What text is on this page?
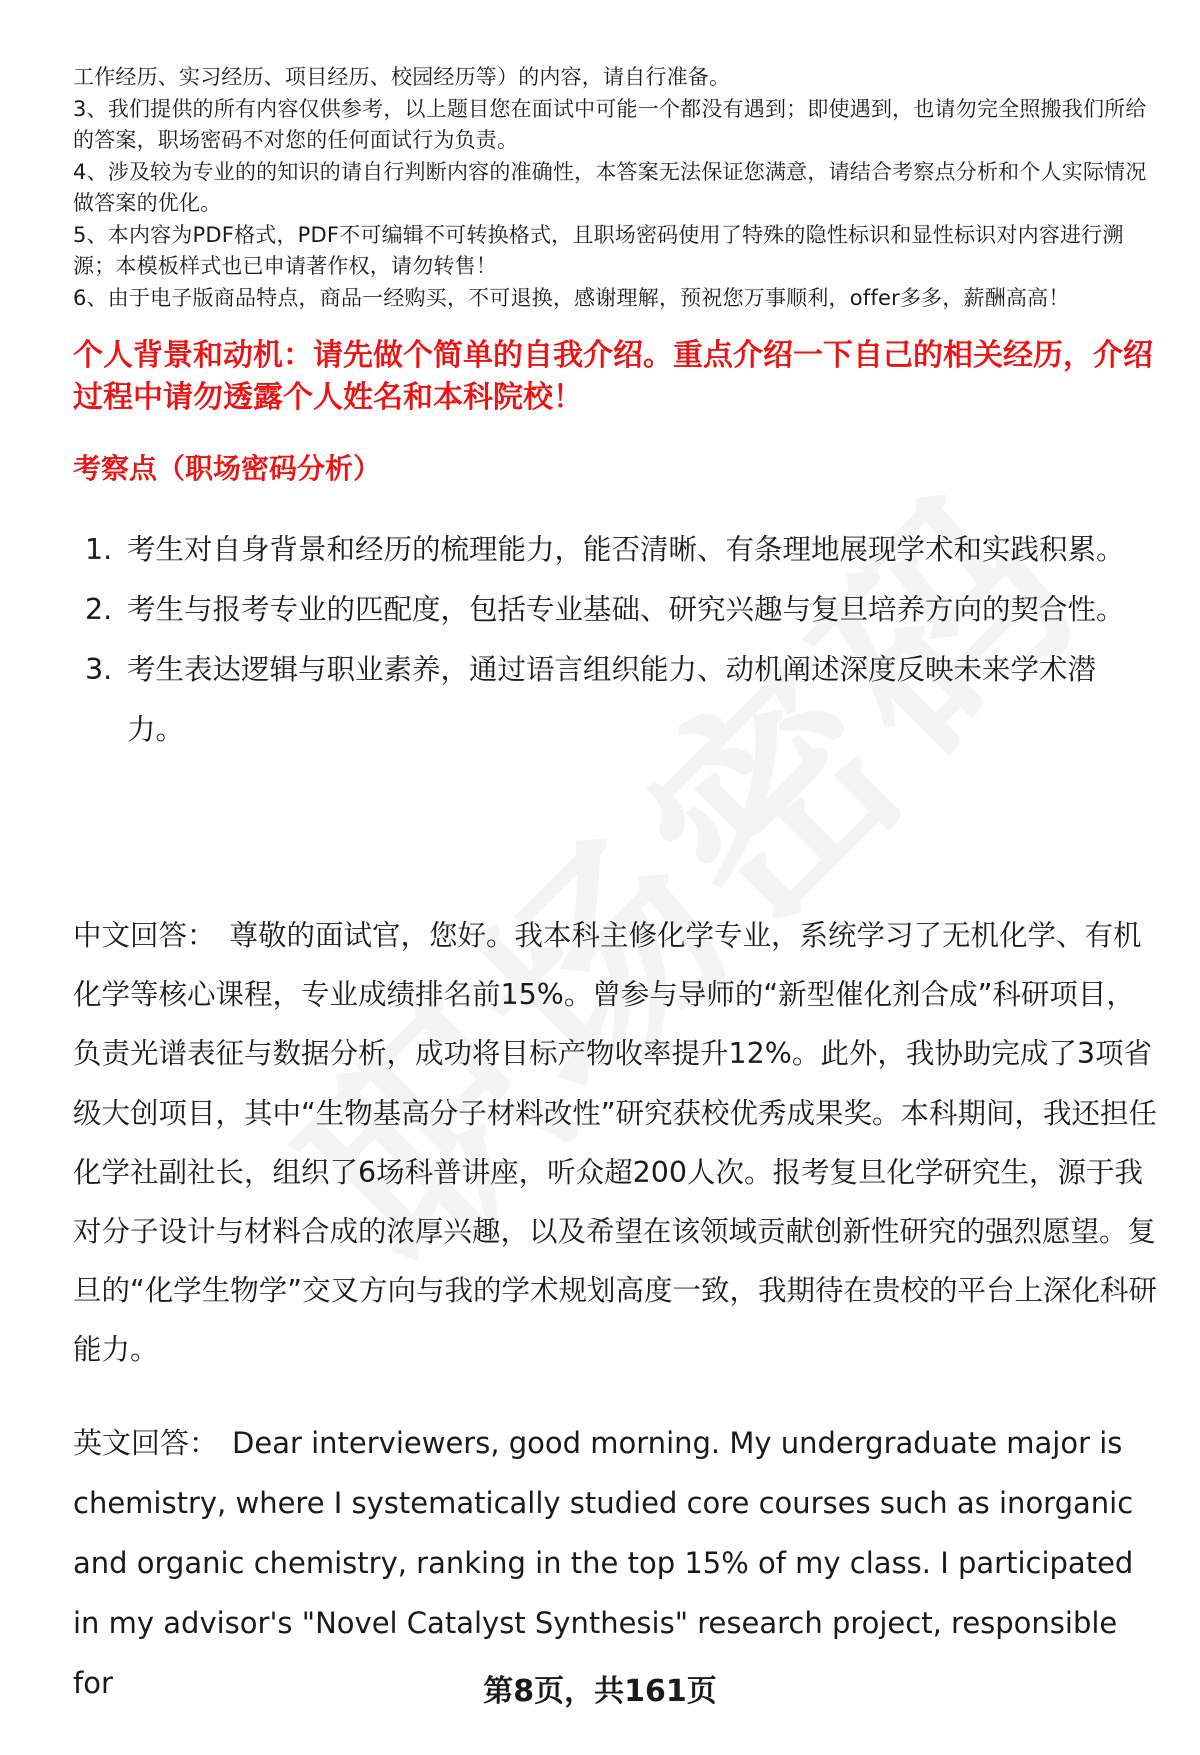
工作经历、实习经历、项目经历、校园经历等）的内容，请自行准备。

3、我们提供的所有内容仅供参考，以上题目您在面试中可能一个都没有遇到；即使遇到，也请勿完全照搬我们所给的答案，职场密码不对您的任何面试行为负责。

4、涉及较为专业的的知识的请自行判断内容的准确性，本答案无法保证您满意，请结合考察点分析和个人实际情况做答案的优化。

5、本内容为PDF格式，PDF不可编辑不可转换格式，且职场密码使用了特殊的隐性标识和显性标识对内容进行溯源；本模板样式也已申请著作权，请勿转售！

6、由于电子版商品特点，商品一经购买，不可退换，感谢理解，预祝您万事顺利，offer多多，薪酬高高！

个人背景和动机：请先做个简单的自我介绍。重点介绍一下自己的相关经历，介绍过程中请勿透露个人姓名和本科院校！
考察点（职场密码分析）
1. 考生对自身背景和经历的梳理能力，能否清晰、有条理地展现学术和实践积累。
2. 考生与报考专业的匹配度，包括专业基础、研究兴趣与复旦培养方向的契合性。
3. 考生表达逻辑与职业素养，通过语言组织能力、动机阐述深度反映未来学术潜力。

中文回答： 尊敬的面试官，您好。我本科主修化学专业，系统学习了无机化学、有机化学等核心课程，专业成绩排名前15%。曾参与导师的“新型催化剂合成”科研项目，负责光谱表征与数据分析，成功将目标产物收率提升12%。此外，我协助完成了3项省级大创项目，其中“生物基高分子材料改性”研究获校优秀成果奖。本科期间，我还担任化学社副社长，组织了6场科普讲座，听众超200人次。报考复旦化学研究生，源于我对分子设计与材料合成的浓厚兴趣，以及希望在该领域贡献创新性研究的强烈愿望。复旦的“化学生物学”交叉方向与我的学术规划高度一致，我期待在贵校的平台上深化科研能力。

英文回答： Dear interviewers, good morning. My undergraduate major is chemistry, where I systematically studied core courses such as inorganic and organic chemistry, ranking in the top 15% of my class. I participated in my advisor's "Novel Catalyst Synthesis" research project, responsible for	第8页，共161页
